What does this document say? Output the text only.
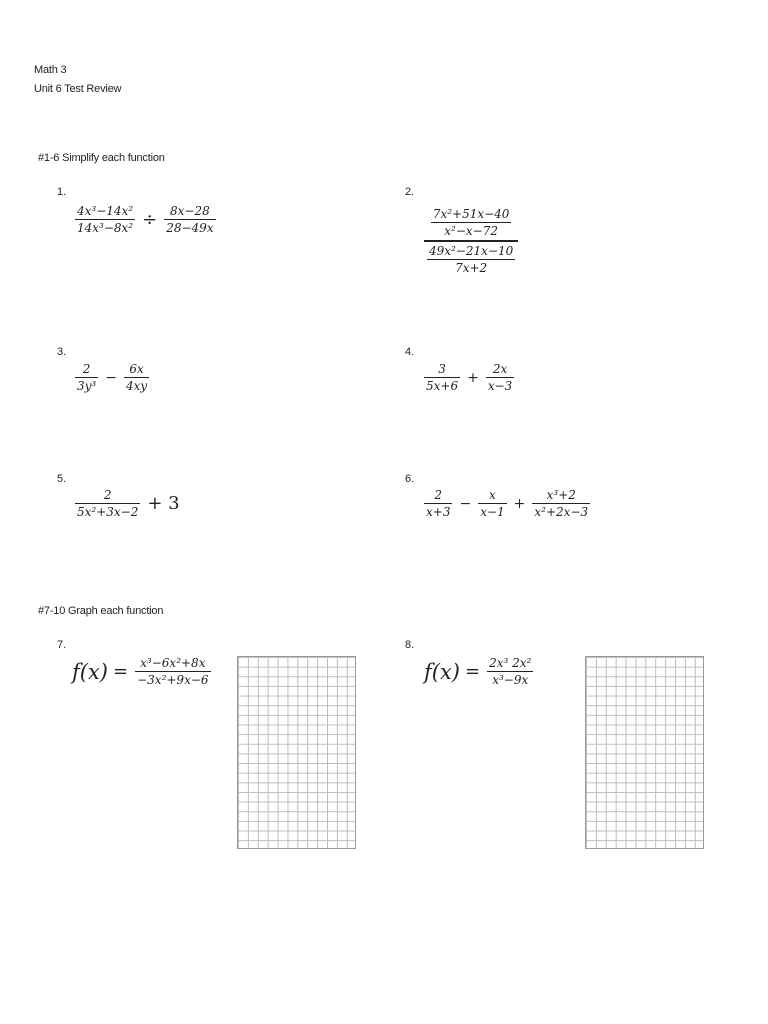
Math 3
Unit 6 Test Review
#1-6 Simplify each function
1.
$\frac{\text{4x³−14x²}}{\text{14x³−8x²}} \div \frac{8x-28}{28-49x}$
2.
$\frac{\frac{\text{7x²+51x−40}}{\text{x²−x−72}}}{\frac{\text{49x²−21x−10}}{7x+2}}$
3.
$\frac{2}{\text{3y³}} - \frac{6x}{4xy}$
4.
$\frac{3}{5x+6} + \frac{2x}{x-3}$
5.
$\frac{2}{\text{5x²+3x−2}} + 3$
6.
$\frac{2}{x+3} - \frac{x}{x-1} + \frac{\text{x³+2}}{\text{x²+2x−3}}$
#7-10 Graph each function
7.
$f(x) = \frac{\text{x³−6x²+8x}}{\text{−3x²+9x−6}}$
8.
$f(x) = \frac{\text{2x³ 2x²}}{\text{x³−9x}}$
